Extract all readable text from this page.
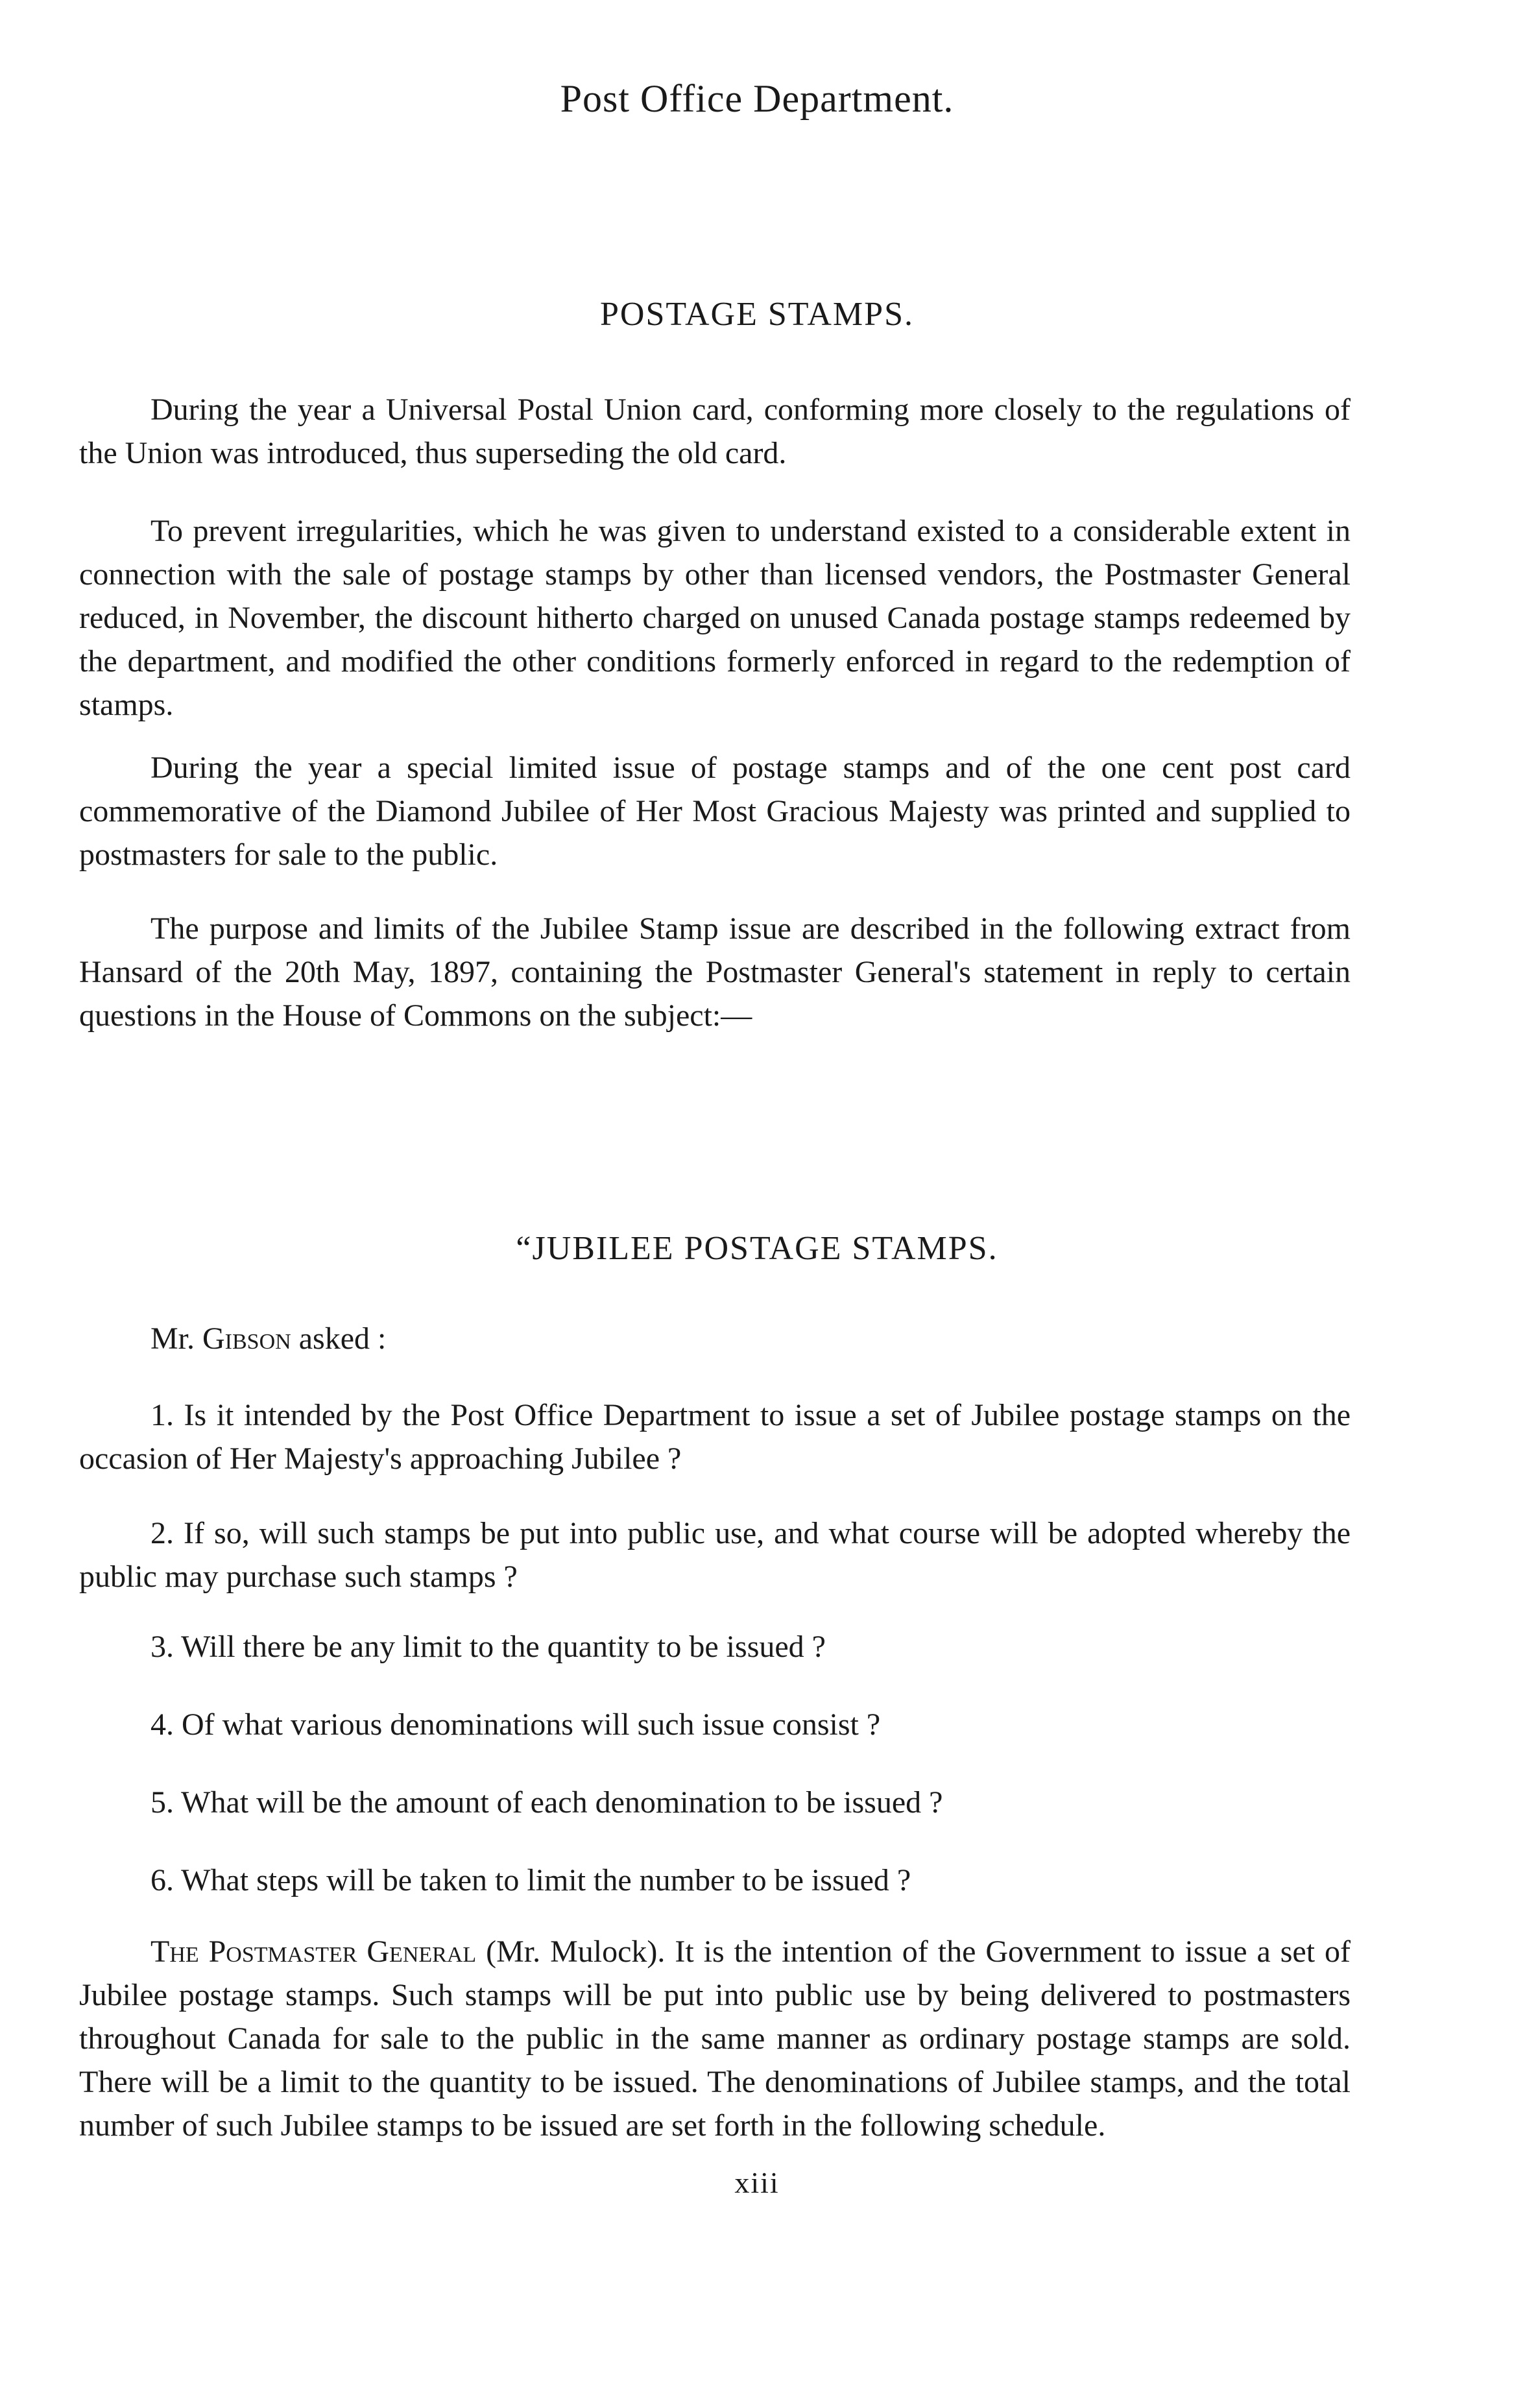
Post Office Department.
POSTAGE STAMPS.

During the year a Universal Postal Union card, conforming more closely to the regulations of the Union was introduced, thus superseding the old card.

To prevent irregularities, which he was given to understand existed to a considerable extent in connection with the sale of postage stamps by other than licensed vendors, the Postmaster General reduced, in November, the discount hitherto charged on unused Canada postage stamps redeemed by the department, and modified the other conditions formerly enforced in regard to the redemption of stamps.

During the year a special limited issue of postage stamps and of the one cent post card commemorative of the Diamond Jubilee of Her Most Gracious Majesty was printed and supplied to postmasters for sale to the public.

The purpose and limits of the Jubilee Stamp issue are described in the following extract from Hansard of the 20th May, 1897, containing the Postmaster General's statement in reply to certain questions in the House of Commons on the subject:—

“JUBILEE POSTAGE STAMPS.

Mr. Gibson asked :

1. Is it intended by the Post Office Department to issue a set of Jubilee postage stamps on the occasion of Her Majesty's approaching Jubilee ?

2. If so, will such stamps be put into public use, and what course will be adopted whereby the public may purchase such stamps ?

3. Will there be any limit to the quantity to be issued ?

4. Of what various denominations will such issue consist ?

5. What will be the amount of each denomination to be issued ?

6. What steps will be taken to limit the number to be issued ?

The Postmaster General (Mr. Mulock). It is the intention of the Government to issue a set of Jubilee postage stamps. Such stamps will be put into public use by being delivered to postmasters throughout Canada for sale to the public in the same manner as ordinary postage stamps are sold. There will be a limit to the quantity to be issued. The denominations of Jubilee stamps, and the total number of such Jubilee stamps to be issued are set forth in the following schedule.

xiii
